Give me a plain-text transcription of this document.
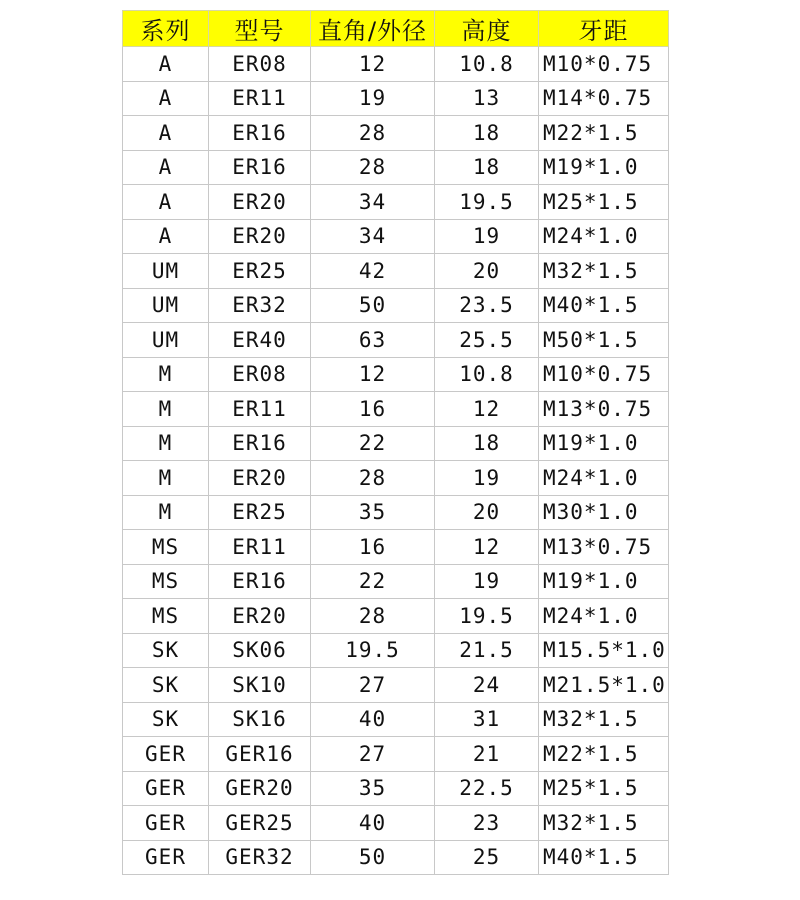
系列	型号	直角/外径	高度	牙距
A	ER08	12	10.8	M10*0.75
A	ER11	19	13	M14*0.75
A	ER16	28	18	M22*1.5
A	ER16	28	18	M19*1.0
A	ER20	34	19.5	M25*1.5
A	ER20	34	19	M24*1.0
UM	ER25	42	20	M32*1.5
UM	ER32	50	23.5	M40*1.5
UM	ER40	63	25.5	M50*1.5
M	ER08	12	10.8	M10*0.75
M	ER11	16	12	M13*0.75
M	ER16	22	18	M19*1.0
M	ER20	28	19	M24*1.0
M	ER25	35	20	M30*1.0
MS	ER11	16	12	M13*0.75
MS	ER16	22	19	M19*1.0
MS	ER20	28	19.5	M24*1.0
SK	SK06	19.5	21.5	M15.5*1.0
SK	SK10	27	24	M21.5*1.0
SK	SK16	40	31	M32*1.5
GER	GER16	27	21	M22*1.5
GER	GER20	35	22.5	M25*1.5
GER	GER25	40	23	M32*1.5
GER	GER32	50	25	M40*1.5
